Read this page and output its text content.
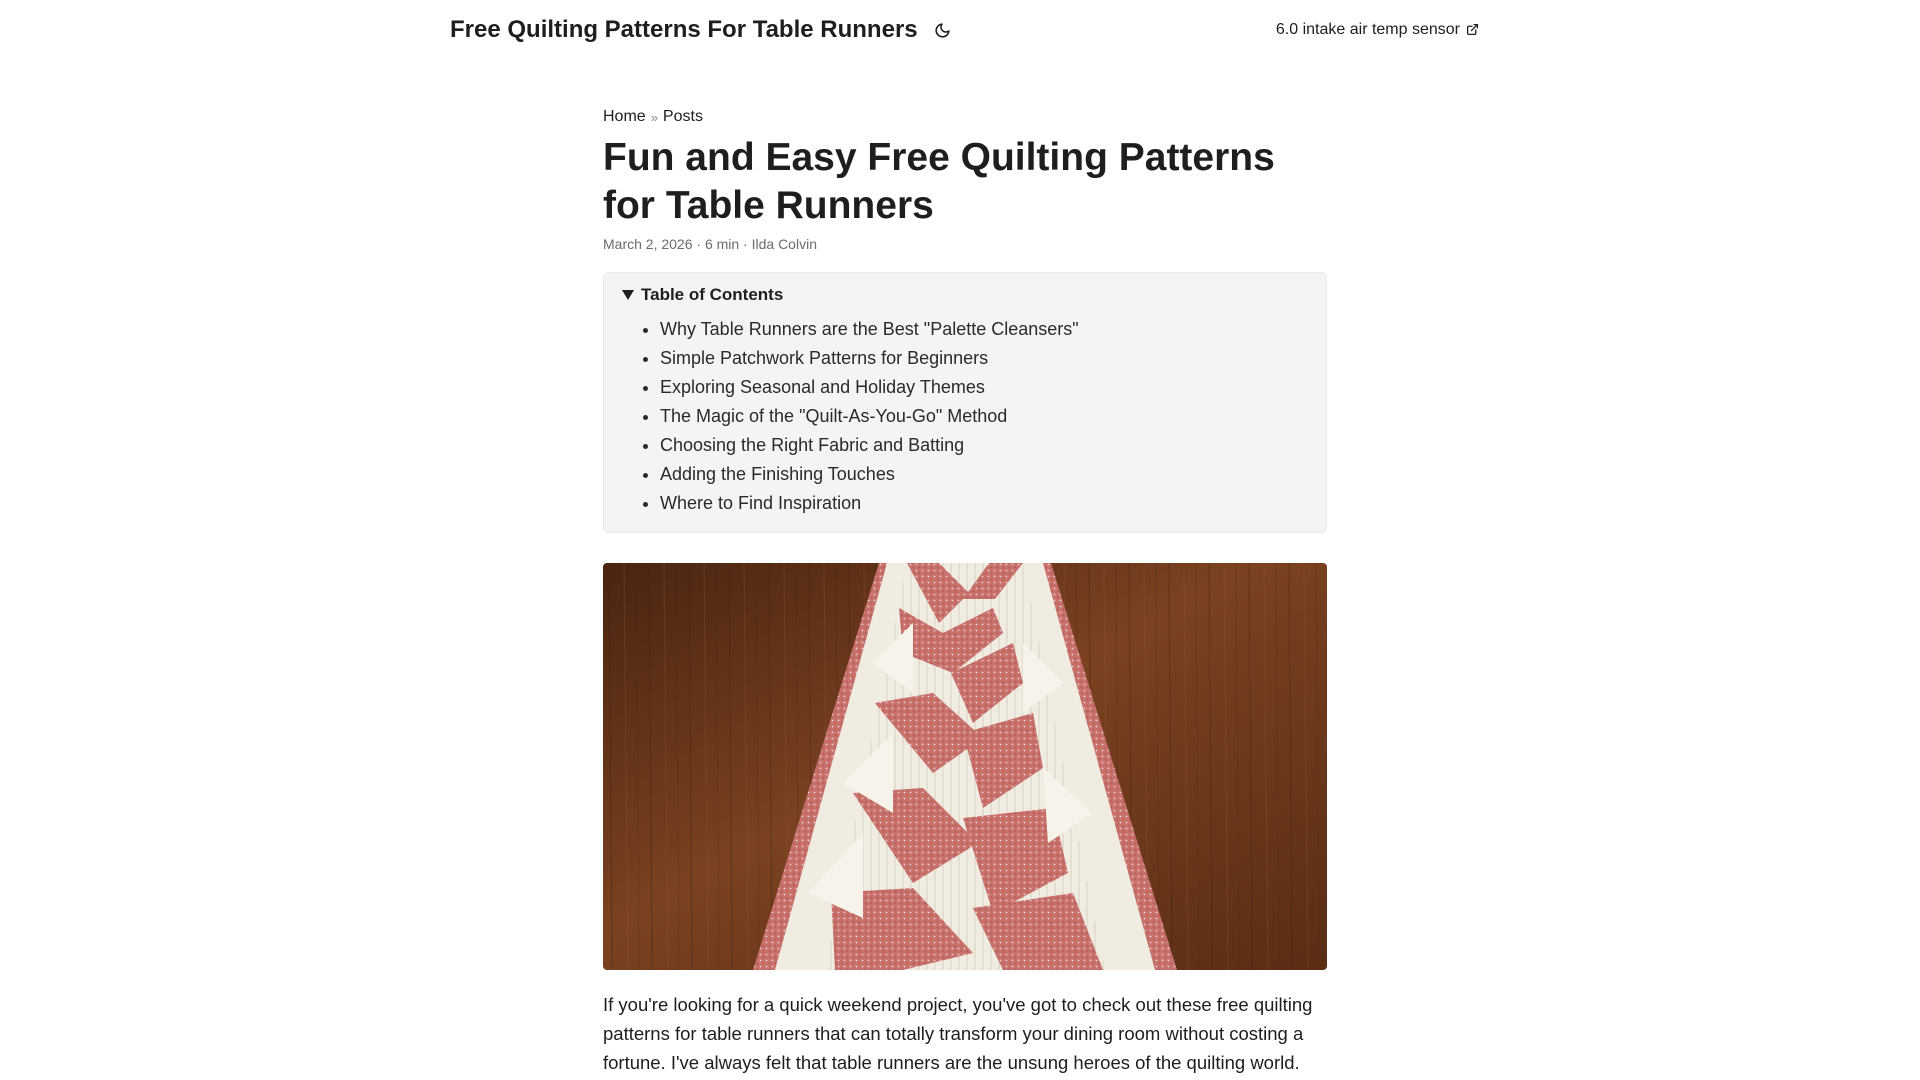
Free Quilting Patterns For Table Runners	6.0 intake air temp sensor
Home » Posts
Fun and Easy Free Quilting Patterns for Table Runners
March 2, 2026 · 6 min · Ilda Colvin
Table of Contents
• Why Table Runners are the Best "Palette Cleansers"
• Simple Patchwork Patterns for Beginners
• Exploring Seasonal and Holiday Themes
• The Magic of the "Quilt-As-You-Go" Method
• Choosing the Right Fabric and Batting
• Adding the Finishing Touches
• Where to Find Inspiration

If you're looking for a quick weekend project, you've got to check out these free quilting patterns for table runners that can totally transform your dining room without costing a fortune. I've always felt that table runners are the unsung heroes of the quilting world.
